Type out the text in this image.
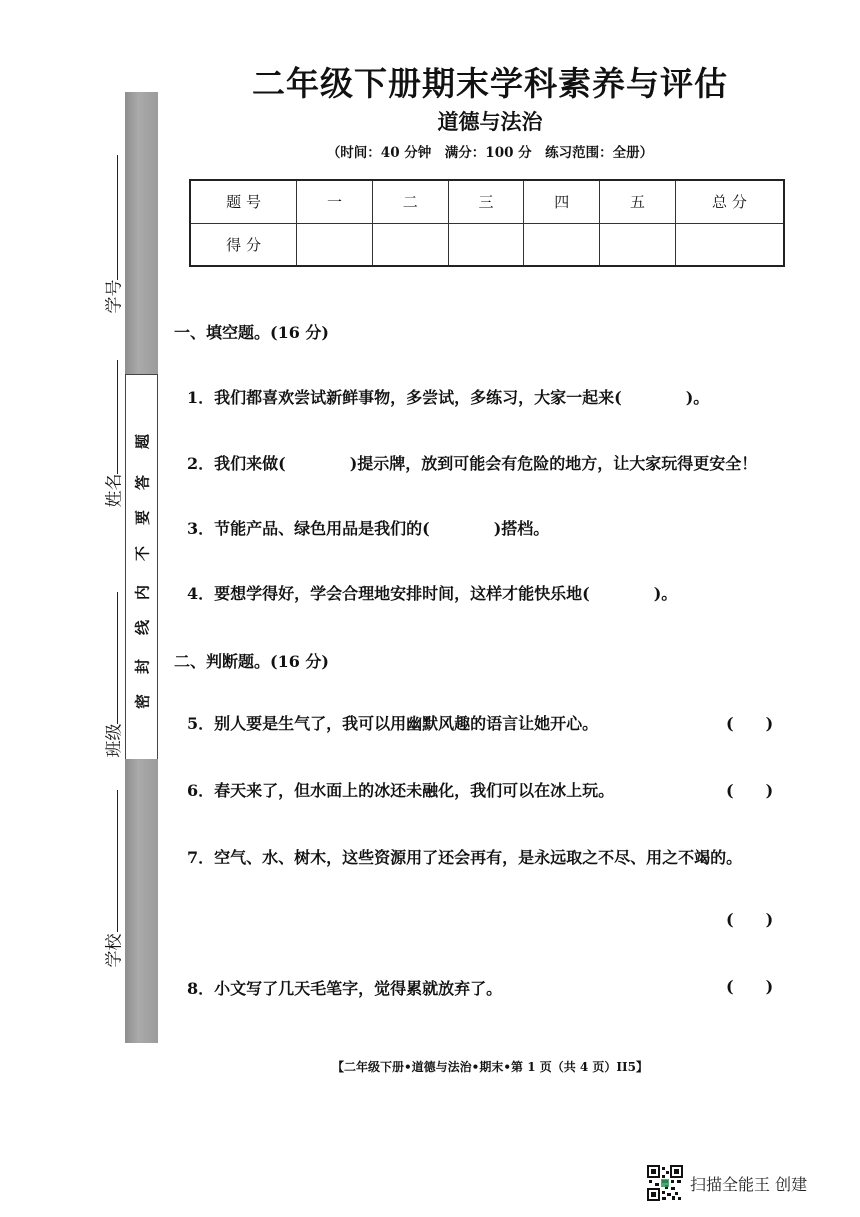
二年级下册期末学科素养与评估
道德与法治
（时间：40 分钟　满分：100 分　练习范围：全册）
题 号	一	二	三	四	五	总 分
得 分						
题
答
要
不
内
线
封
密
学号
姓名
班级
学校
一、填空题。(16 分)
1．我们都喜欢尝试新鲜事物，多尝试，多练习，大家一起来(　　　　)。
2．我们来做(　　　　)提示牌，放到可能会有危险的地方，让大家玩得更安全！
3．节能产品、绿色用品是我们的(　　　　)搭档。
4．要想学得好，学会合理地安排时间，这样才能快乐地(　　　　)。
二、判断题。(16 分)
5．别人要是生气了，我可以用幽默风趣的语言让她开心。	(　　)
6．春天来了，但水面上的冰还未融化，我们可以在冰上玩。	(　　)
7．空气、水、树木，这些资源用了还会再有，是永远取之不尽、用之不竭的。
(　　)
8．小文写了几天毛笔字，觉得累就放弃了。	(　　)
【二年级下册•道德与法治•期末•第 1 页（共 4 页）II5】
扫描全能王 创建
